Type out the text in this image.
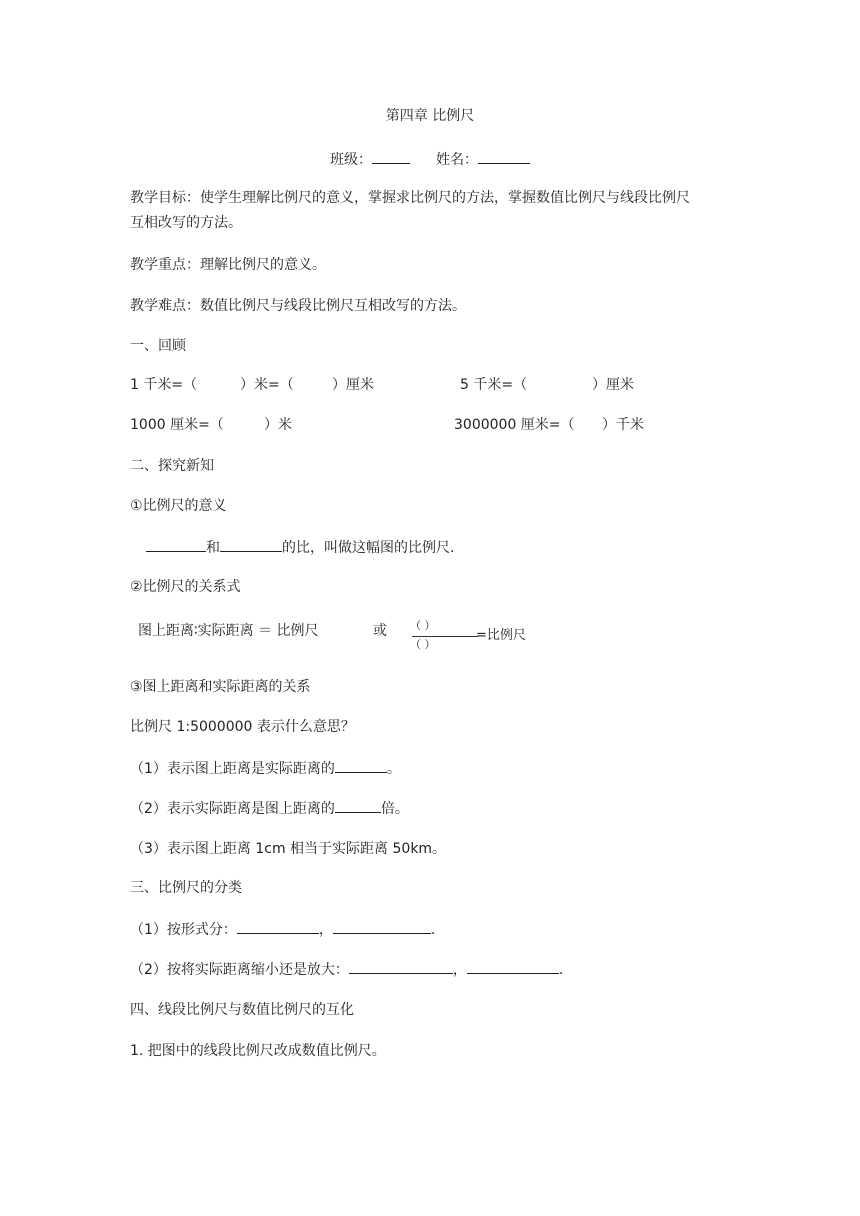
第四章 比例尺
班级：	姓名：
教学目标：使学生理解比例尺的意义，掌握求比例尺的方法，掌握数值比例尺与线段比例尺
互相改写的方法。
教学重点：理解比例尺的意义。
教学难点：数值比例尺与线段比例尺互相改写的方法。
一、回顾
1 千米=（	）米=（	）厘米	5 千米=（	）厘米
1000 厘米=（	）米	3000000 厘米=（ ）千米
二、探究新知
①比例尺的意义
和	的比，叫做这幅图的比例尺.
②比例尺的关系式
图上距离∶实际距离 ＝ 比例尺	或 （ ）
（ ）
=比例尺
③图上距离和实际距离的关系
比例尺 1:5000000 表示什么意思？
（1）表示图上距离是实际距离的	。
（2）表示实际距离是图上距离的	倍。
（3）表示图上距离 1cm 相当于实际距离 50km。
三、比例尺的分类
（1）按形式分：	，	.
（2）按将实际距离缩小还是放大：	，	.
四、线段比例尺与数值比例尺的互化
1. 把图中的线段比例尺改成数值比例尺。
